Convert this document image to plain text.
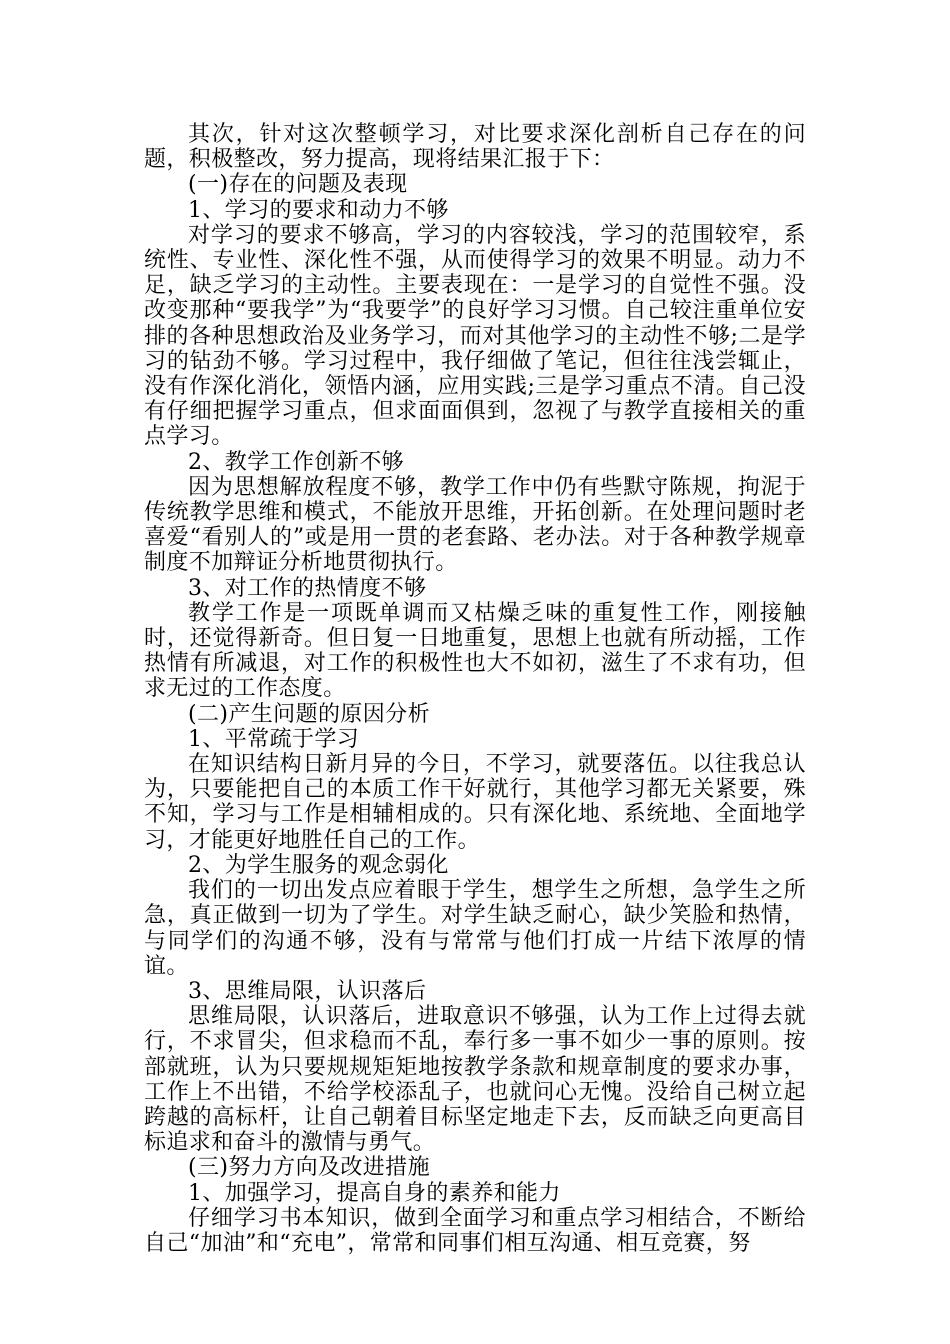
其次，针对这次整顿学习，对比要求深化剖析自己存在的问题，积极整改，努力提高，现将结果汇报于下：

(一)存在的问题及表现

1、学习的要求和动力不够

对学习的要求不够高，学习的内容较浅，学习的范围较窄，系统性、专业性、深化性不强，从而使得学习的效果不明显。动力不足，缺乏学习的主动性。主要表现在：一是学习的自觉性不强。没改变那种“要我学”为“我要学”的良好学习习惯。自己较注重单位安排的各种思想政治及业务学习，而对其他学习的主动性不够;二是学习的钻劲不够。学习过程中，我仔细做了笔记，但往往浅尝辄止，没有作深化消化，领悟内涵，应用实践;三是学习重点不清。自己没有仔细把握学习重点，但求面面俱到，忽视了与教学直接相关的重点学习。

2、教学工作创新不够

因为思想解放程度不够，教学工作中仍有些默守陈规，拘泥于传统教学思维和模式，不能放开思维，开拓创新。在处理问题时老喜爱“看别人的”或是用一贯的老套路、老办法。对于各种教学规章制度不加辩证分析地贯彻执行。

3、对工作的热情度不够

教学工作是一项既单调而又枯燥乏味的重复性工作，刚接触时，还觉得新奇。但日复一日地重复，思想上也就有所动摇，工作热情有所减退，对工作的积极性也大不如初，滋生了不求有功，但求无过的工作态度。

(二)产生问题的原因分析

1、平常疏于学习

在知识结构日新月异的今日，不学习，就要落伍。以往我总认为，只要能把自己的本质工作干好就行，其他学习都无关紧要，殊不知，学习与工作是相辅相成的。只有深化地、系统地、全面地学习，才能更好地胜任自己的工作。

2、为学生服务的观念弱化

我们的一切出发点应着眼于学生，想学生之所想，急学生之所急，真正做到一切为了学生。对学生缺乏耐心，缺少笑脸和热情，与同学们的沟通不够，没有与常常与他们打成一片结下浓厚的情谊。

3、思维局限，认识落后

思维局限，认识落后，进取意识不够强，认为工作上过得去就行，不求冒尖，但求稳而不乱，奉行多一事不如少一事的原则。按部就班，认为只要规规矩矩地按教学条款和规章制度的要求办事，工作上不出错，不给学校添乱子，也就问心无愧。没给自己树立起跨越的高标杆，让自己朝着目标坚定地走下去，反而缺乏向更高目标追求和奋斗的激情与勇气。

(三)努力方向及改进措施

1、加强学习，提高自身的素养和能力

仔细学习书本知识，做到全面学习和重点学习相结合，不断给自己“加油”和“充电”，常常和同事们相互沟通、相互竞赛，努
